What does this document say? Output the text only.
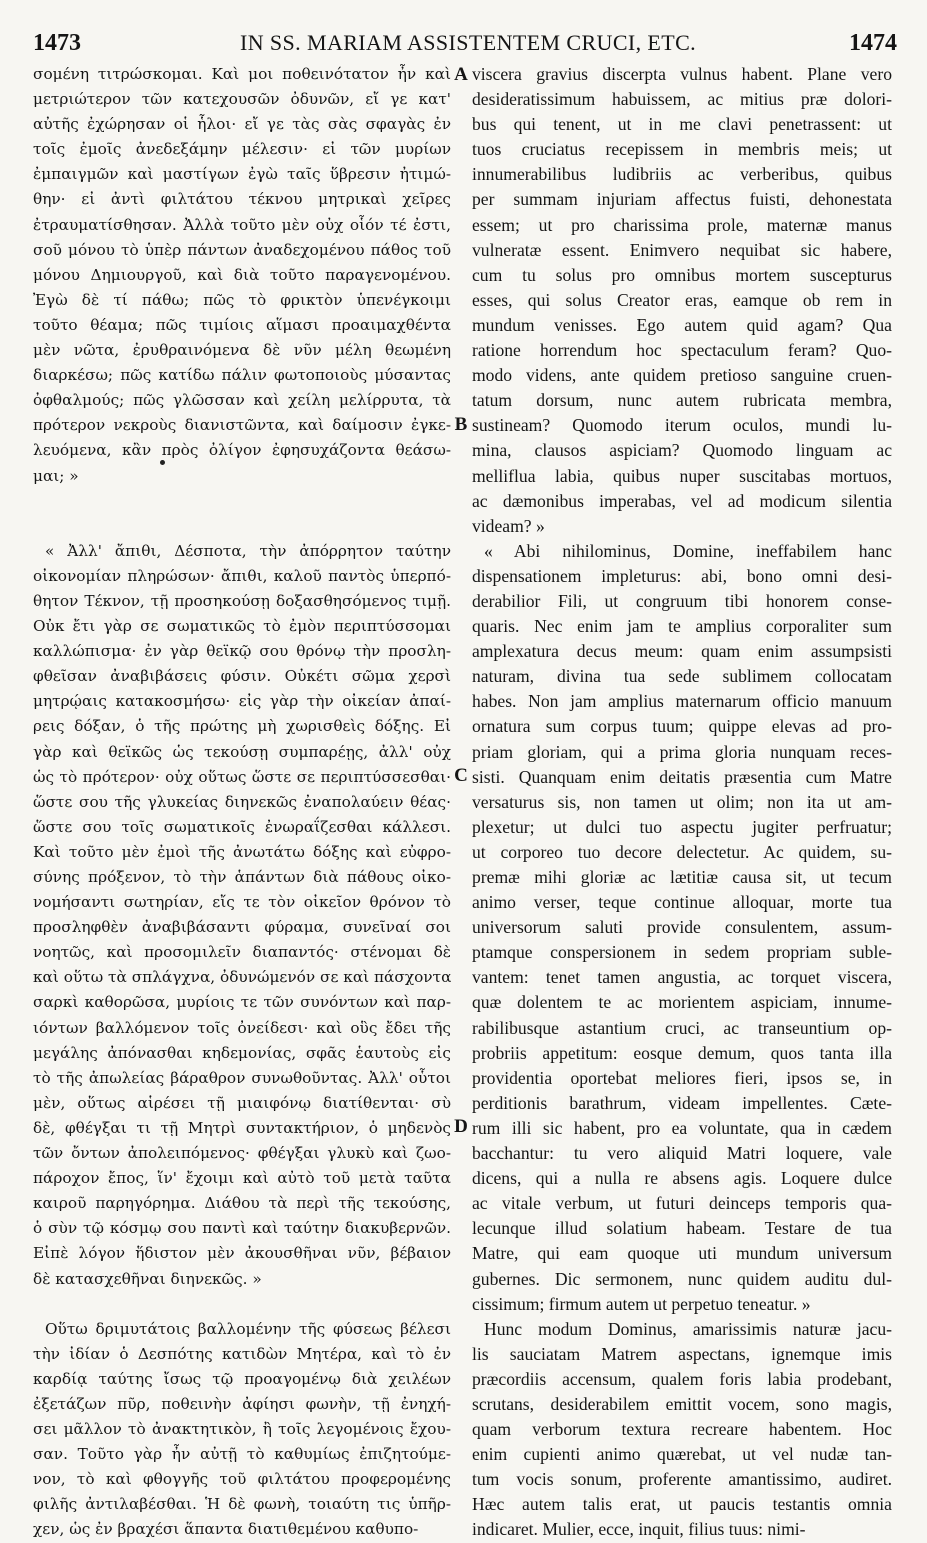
1473	IN SS. MARIAM ASSISTENTEM CRUCI, ETC.	1474
σομένη τιτρώσκομαι. Καὶ μοι ποθεινότατον ἦν καὶ
μετριώτερον τῶν κατεχουσῶν ὀδυνῶν, εἴ γε κατ'
αὐτῆς ἐχώρησαν οἱ ἧλοι· εἴ γε τὰς σὰς σφαγὰς ἐν
τοῖς ἐμοῖς ἀνεδεξάμην μέλεσιν· εἰ τῶν μυρίων
ἐμπαιγμῶν καὶ μαστίγων ἐγὼ ταῖς ὕβρεσιν ἠτιμώ-
θην· εἰ ἀντὶ φιλτάτου τέκνου μητρικαὶ χεῖρες
ἐτραυματίσθησαν. Ἀλλὰ τοῦτο μὲν οὐχ οἷόν τέ ἐστι,
σοῦ μόνου τὸ ὑπὲρ πάντων ἀναδεχομένου πάθος τοῦ
μόνου Δημιουργοῦ, καὶ διὰ τοῦτο παραγενομένου.
Ἐγὼ δὲ τί πάθω; πῶς τὸ φρικτὸν ὑπενέγκοιμι
τοῦτο θέαμα; πῶς τιμίοις αἵμασι προαιμαχθέντα
μὲν νῶτα, ἐρυθραινόμενα δὲ νῦν μέλη θεωμένη
διαρκέσω; πῶς κατίδω πάλιν φωτοποιοὺς μύσαντας
ὀφθαλμούς; πῶς γλῶσσαν καὶ χείλη μελίρρυτα, τὰ
πρότερον νεκροὺς διανιστῶντα, καὶ δαίμοσιν ἐγκε-
λευόμενα, κἂν πρὸς ὀλίγον ἐφησυχάζοντα θεάσω-
μαι; »
« Ἀλλ' ἄπιθι, Δέσποτα, τὴν ἀπόρρητον ταύτην
οἰκονομίαν πληρώσων· ἄπιθι, καλοῦ παντὸς ὑπερπό-
θητον Τέκνον, τῇ προσηκούσῃ δοξασθησόμενος τιμῇ.
Οὐκ ἔτι γὰρ σε σωματικῶς τὸ ἐμὸν περιπτύσσομαι
καλλώπισμα· ἐν γὰρ θεϊκῷ σου θρόνῳ τὴν προσλη-
φθεῖσαν ἀναβιβάσεις φύσιν. Οὐκέτι σῶμα χερσὶ
μητρῴαις κατακοσμήσω· εἰς γὰρ τὴν οἰκείαν ἀπαί-
ρεις δόξαν, ὁ τῆς πρώτης μὴ χωρισθεὶς δόξης. Εἰ
γὰρ καὶ θεϊκῶς ὡς τεκούσῃ συμπαρέῃς, ἀλλ' οὐχ
ὡς τὸ πρότερον· οὐχ οὕτως ὥστε σε περιπτύσσεσθαι·
ὥστε σου τῆς γλυκείας διηνεκῶς ἐναπολαύειν θέας·
ὥστε σου τοῖς σωματικοῖς ἐνωραΐζεσθαι κάλλεσι.
Καὶ τοῦτο μὲν ἐμοὶ τῆς ἀνωτάτω δόξης καὶ εὐφρο-
σύνης πρόξενον, τὸ τὴν ἁπάντων διὰ πάθους οἰκο-
νομήσαντι σωτηρίαν, εἴς τε τὸν οἰκεῖον θρόνον τὸ
προσληφθὲν ἀναβιβάσαντι φύραμα, συνεῖναί σοι
νοητῶς, καὶ προσομιλεῖν διαπαντός· στένομαι δὲ
καὶ οὕτω τὰ σπλάγχνα, ὀδυνώμενόν σε καὶ πάσχοντα
σαρκὶ καθορῶσα, μυρίοις τε τῶν συνόντων καὶ παρ-
ιόντων βαλλόμενον τοῖς ὀνείδεσι· καὶ οὓς ἔδει τῆς
μεγάλης ἀπόνασθαι κηδεμονίας, σφᾶς ἑαυτοὺς εἰς
τὸ τῆς ἀπωλείας βάραθρον συνωθοῦντας. Ἀλλ' οὗτοι
μὲν, οὕτως αἱρέσει τῇ μιαιφόνῳ διατίθενται· σὺ
δὲ, φθέγξαι τι τῇ Μητρὶ συντακτήριον, ὁ μηδενὸς
τῶν ὄντων ἀπολειπόμενος· φθέγξαι γλυκὺ καὶ ζωο-
πάροχον ἔπος, ἵν' ἔχοιμι καὶ αὐτὸ τοῦ μετὰ ταῦτα
καιροῦ παρηγόρημα. Διάθου τὰ περὶ τῆς τεκούσης,
ὁ σὺν τῷ κόσμῳ σου παντὶ καὶ ταύτην διακυβερνῶν.
Εἰπὲ λόγον ἥδιστον μὲν ἀκουσθῆναι νῦν, βέβαιον
δὲ κατασχεθῆναι διηνεκῶς. »
Οὕτω δριμυτάτοις βαλλομένην τῆς φύσεως βέλεσι
τὴν ἰδίαν ὁ Δεσπότης κατιδὼν Μητέρα, καὶ τὸ ἐν
καρδίᾳ ταύτης ἴσως τῷ προαγομένῳ διὰ χειλέων
ἐξετάζων πῦρ, ποθεινὴν ἀφίησι φωνὴν, τῇ ἐνηχή-
σει μᾶλλον τὸ ἀνακτητικὸν, ἢ τοῖς λεγομένοις ἔχου-
σαν. Τοῦτο γὰρ ἦν αὐτῇ τὸ καθυμίως ἐπιζητούμε-
νον, τὸ καὶ φθογγῆς τοῦ φιλτάτου προφερομένης
φιλῆς ἀντιλαβέσθαι. Ἡ δὲ φωνὴ, τοιαύτη τις ὑπῆρ-
χεν, ὡς ἐν βραχέσι ἅπαντα διατιθεμένου καθυπο-
viscera gravius discerpta vulnus habent. Plane vero
desideratissimum habuissem, ac mitius præ dolori-
bus qui tenent, ut in me clavi penetrassent: ut
tuos cruciatus recepissem in membris meis; ut
innumerabilibus ludibriis ac verberibus, quibus
per summam injuriam affectus fuisti, dehonestata
essem; ut pro charissima prole, maternæ manus
vulneratæ essent. Enimvero nequibat sic habere,
cum tu solus pro omnibus mortem suscepturus
esses, qui solus Creator eras, eamque ob rem in
mundum venisses. Ego autem quid agam? Qua
ratione horrendum hoc spectaculum feram? Quo-
modo videns, ante quidem pretioso sanguine cruen-
tatum dorsum, nunc autem rubricata membra,
sustineam? Quomodo iterum oculos, mundi lu-
mina, clausos aspiciam? Quomodo linguam ac
melliflua labia, quibus nuper suscitabas mortuos,
ac dæmonibus imperabas, vel ad modicum silentia
videam? »
« Abi nihilominus, Domine, ineffabilem hanc
dispensationem impleturus: abi, bono omni desi-
derabilior Fili, ut congruum tibi honorem conse-
quaris. Nec enim jam te amplius corporaliter sum
amplexatura decus meum: quam enim assumpsisti
naturam, divina tua sede sublimem collocatam
habes. Non jam amplius maternarum officio manuum
ornatura sum corpus tuum; quippe elevas ad pro-
priam gloriam, qui a prima gloria nunquam reces-
sisti. Quanquam enim deitatis præsentia cum Matre
versaturus sis, non tamen ut olim; non ita ut am-
plexetur; ut dulci tuo aspectu jugiter perfruatur;
ut corporeo tuo decore delectetur. Ac quidem, su-
premæ mihi gloriæ ac lætitiæ causa sit, ut tecum
animo verser, teque continue alloquar, morte tua
universorum saluti provide consulentem, assum-
ptamque conspersionem in sedem propriam suble-
vantem: tenet tamen angustia, ac torquet viscera,
quæ dolentem te ac morientem aspiciam, innume-
rabilibusque astantium cruci, ac transeuntium op-
probriis appetitum: eosque demum, quos tanta illa
providentia oportebat meliores fieri, ipsos se, in
perditionis barathrum, videam impellentes. Cæte-
rum illi sic habent, pro ea voluntate, qua in cædem
bacchantur: tu vero aliquid Matri loquere, vale
dicens, qui a nulla re absens agis. Loquere dulce
ac vitale verbum, ut futuri deinceps temporis qua-
lecunque illud solatium habeam. Testare de tua
Matre, qui eam quoque uti mundum universum
gubernes. Dic sermonem, nunc quidem auditu dul-
cissimum; firmum autem ut perpetuo teneatur. »
Hunc modum Dominus, amarissimis naturæ jacu-
lis sauciatam Matrem aspectans, ignemque imis
præcordiis accensum, qualem foris labia prodebant,
scrutans, desiderabilem emittit vocem, sono magis,
quam verborum textura recreare habentem. Hoc
enim cupienti animo quærebat, ut vel nudæ tan-
tum vocis sonum, proferente amantissimo, audiret.
Hæc autem talis erat, ut paucis testantis omnia
indicaret. Mulier, ecce, inquit, filius tuus: nimi-
A
B
C
D
